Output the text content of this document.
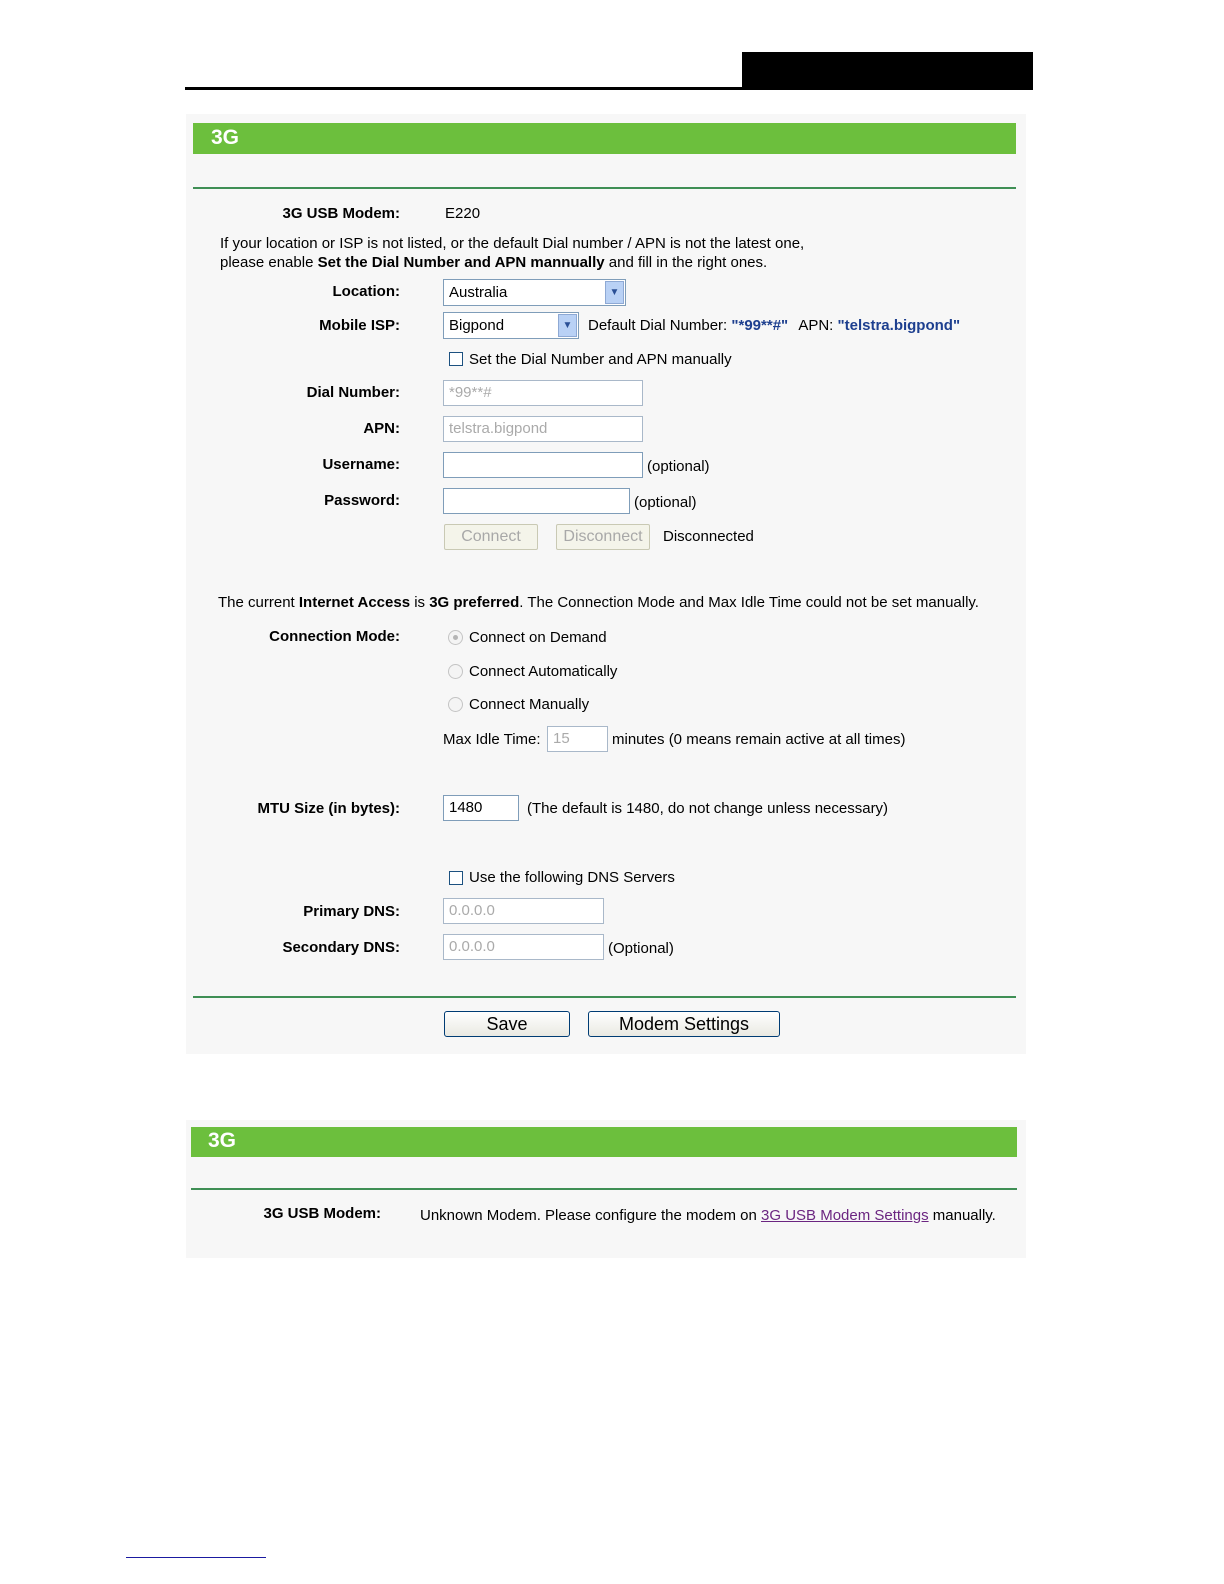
3G
3G USB Modem:	E220
If your location or ISP is not listed, or the default Dial number / APN is not the latest one,
please enable Set the Dial Number and APN mannually and fill in the right ones.
Location:	Australia	▼
Mobile ISP:	Bigpond	▼	Default Dial Number: "*99**#" APN: "telstra.bigpond"
Set the Dial Number and APN manually
Dial Number:	*99**#
APN:	telstra.bigpond
Username:	(optional)
Password:	(optional)
Connect	Disconnect	Disconnected
The current Internet Access is 3G preferred. The Connection Mode and Max Idle Time could not be set manually.
Connection Mode:	Connect on Demand
Connect Automatically
Connect Manually
Max Idle Time: 15	minutes (0 means remain active at all times)
MTU Size (in bytes):	1480	(The default is 1480, do not change unless necessary)
Use the following DNS Servers
Primary DNS:	0.0.0.0
Secondary DNS:	0.0.0.0	(Optional)
Save	Modem Settings
3G
3G USB Modem:	Unknown Modem. Please configure the modem on 3G USB Modem Settings manually.
